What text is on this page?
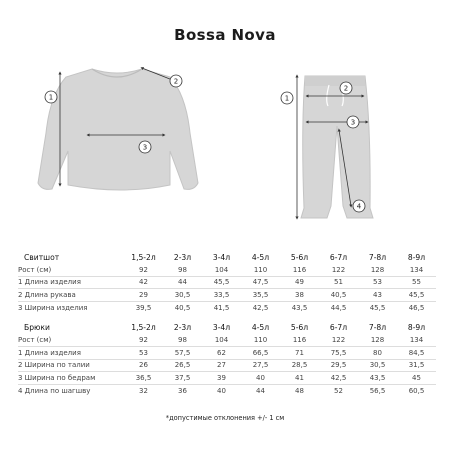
Bossa Nova
1
2
3
1
2
3
4
Свитшот	1,5-2л	2-3л	3-4л	4-5л	5-6л	6-7л	7-8л	8-9л
Рост (см)	92	98	104	110	116	122	128	134
1 Длина изделия	42	44	45,5	47,5	49	51	53	55
2 Длина рукава	29	30,5	33,5	35,5	38	40,5	43	45,5
3 Ширина изделия	39,5	40,5	41,5	42,5	43,5	44,5	45,5	46,5
Брюки	1,5-2л	2-3л	3-4л	4-5л	5-6л	6-7л	7-8л	8-9л
Рост (см)	92	98	104	110	116	122	128	134
1 Длина изделия	53	57,5	62	66,5	71	75,5	80	84,5
2 Ширина по талии	26	26,5	27	27,5	28,5	29,5	30,5	31,5
3 Ширина по бедрам	36,5	37,5	39	40	41	42,5	43,5	45
4 Длина по шагшву	32	36	40	44	48	52	56,5	60,5
*допустимые отклонения +/- 1 см
